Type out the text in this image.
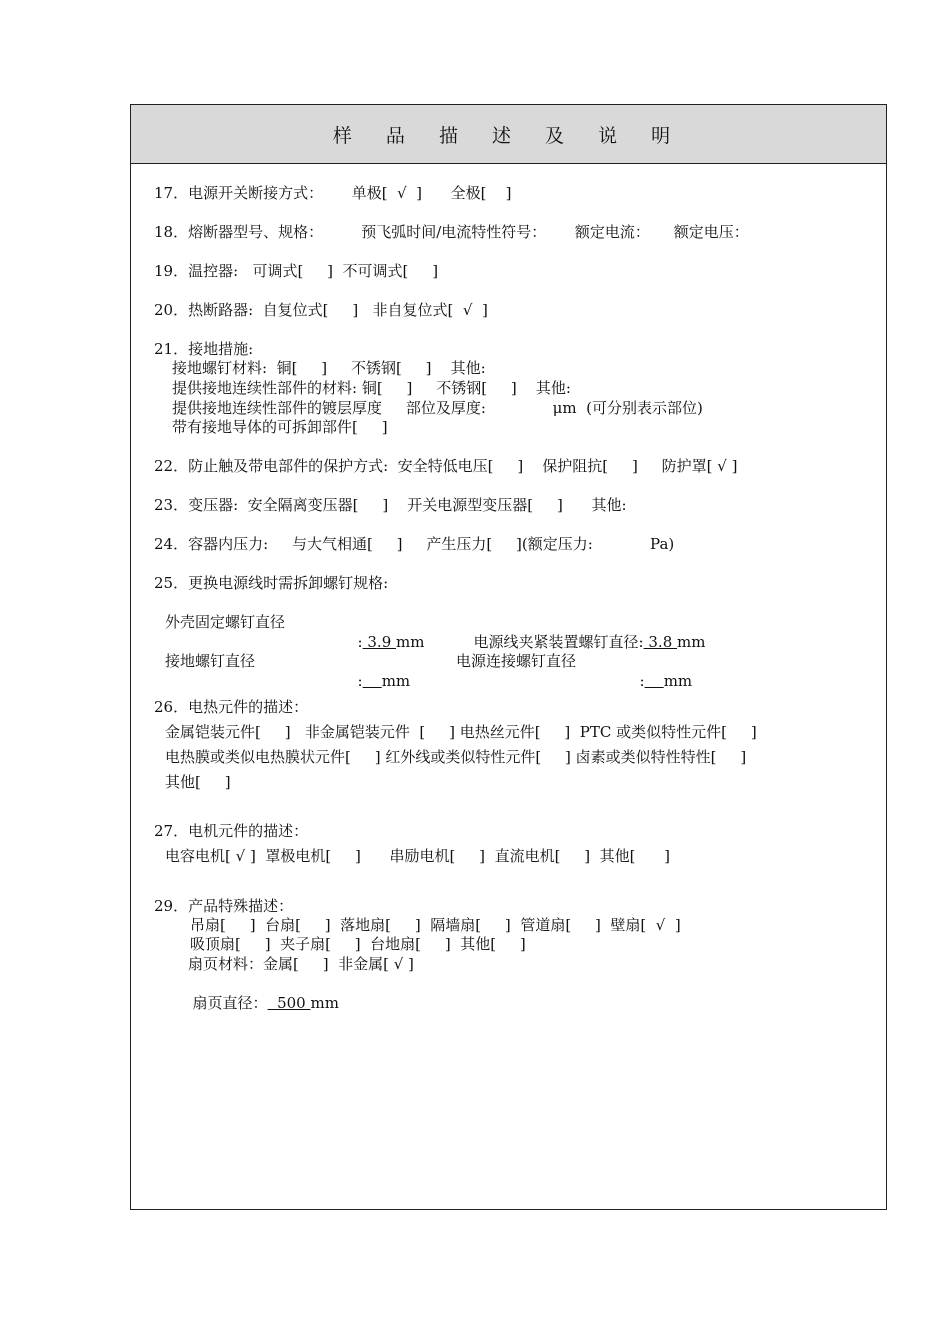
样 品 描 述 及 说 明
17．电源开关断接方式：      单极[  √  ]      全极[    ]
18．熔断器型号、规格：        预飞弧时间/电流特性符号：      额定电流：     额定电压：
19．温控器:   可调式[     ]  不可调式[     ]
20．热断路器:  自复位式[     ]   非自复位式[  √  ]
21．接地措施:
接地螺钉材料:  铜[     ]     不锈钢[     ]    其他:
提供接地连续性部件的材料: 铜[     ]     不锈钢[     ]    其他:
提供接地连续性部件的镀层厚度     部位及厚度:              μm  (可分别表示部位)
带有接地导体的可拆卸部件[     ]
22．防止触及带电部件的保护方式:  安全特低电压[     ]    保护阻抗[     ]     防护罩[ √ ]
23．变压器:  安全隔离变压器[     ]    开关电源型变压器[     ]      其他:
24．容器内压力:     与大气相通[     ]     产生压力[     ](额定压力:            Pa)
25．更换电源线时需拆卸螺钉规格:
外壳固定螺钉直径

: 3.9 mm	电源线夹紧装置螺钉直径: 3.8 mm

接地螺钉直径

: mm

电源连接螺钉直径

: mm

26．电热元件的描述：
金属铠装元件[     ]   非金属铠装元件  [     ] 电热丝元件[     ]  PTC 或类似特性元件[     ]
电热膜或类似电热膜状元件[     ] 红外线或类似特性元件[     ] 卤素或类似特性特性[     ]
其他[     ]
27．电机元件的描述：
电容电机[ √ ]  罩极电机[     ]      串励电机[     ]  直流电机[     ]  其他[      ]
29．产品特殊描述：
吊扇[     ]  台扇[     ]  落地扇[     ]  隔墙扇[     ]  管道扇[     ]  壁扇[  √  ]
吸顶扇[     ]  夹子扇[     ]  台地扇[     ]  其他[     ]
扇页材料：金属[     ]  非金属[ √ ]

扇页直径：  500 mm
